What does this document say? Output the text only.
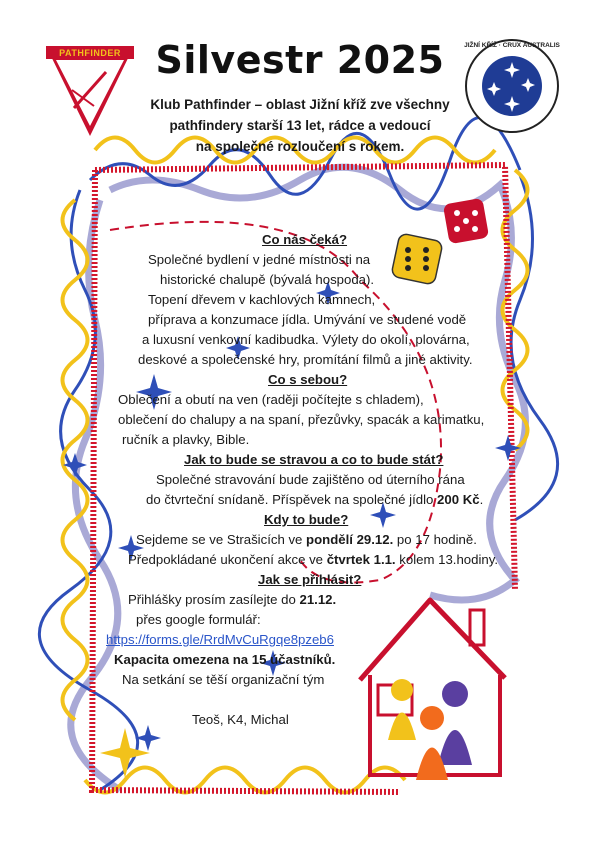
PATHFINDER
JIŽNÍ KŘÍŽ · CRUX AUSTRALIS
Silvestr 2025
Klub Pathfinder – oblast Jižní kříž zve všechny
pathfindery starší 13 let, rádce a vedoucí
na společné rozloučení s rokem.
Co nás čeká?
Společné bydlení v jedné místnosti na
historické chalupě (bývalá hospoda).
Topení dřevem v kachlových kamnech,
příprava a konzumace jídla. Umývání ve studené vodě
a luxusní venkovní kadibudka. Výlety do okolí, plovárna,
deskové a společenské hry, promítání filmů a jiné aktivity.
Co s sebou?
Oblečení a obutí na ven (raději počítejte s chladem),
oblečení do chalupy a na spaní, přezůvky, spacák a karimatku,
ručník a plavky, Bible.
Jak to bude se stravou a co to bude stát?
Společné stravování bude zajištěno od úterního rána
do čtvrteční snídaně. Příspěvek na společné jídlo 200 Kč.
Kdy to bude?
Sejdeme se ve Strašicích ve pondělí 29.12. po 17 hodině.
Předpokládané ukončení akce ve čtvrtek 1.1. kolem 13.hodiny.
Jak se přihlásit?
Přihlášky prosím zasílejte do 21.12.
přes google formulář:
https://forms.gle/RrdMvCuRgqe8pzeb6
Kapacita omezena na 15 účastníků.
Na setkání se těší organizační tým
Teoš, K4, Michal
